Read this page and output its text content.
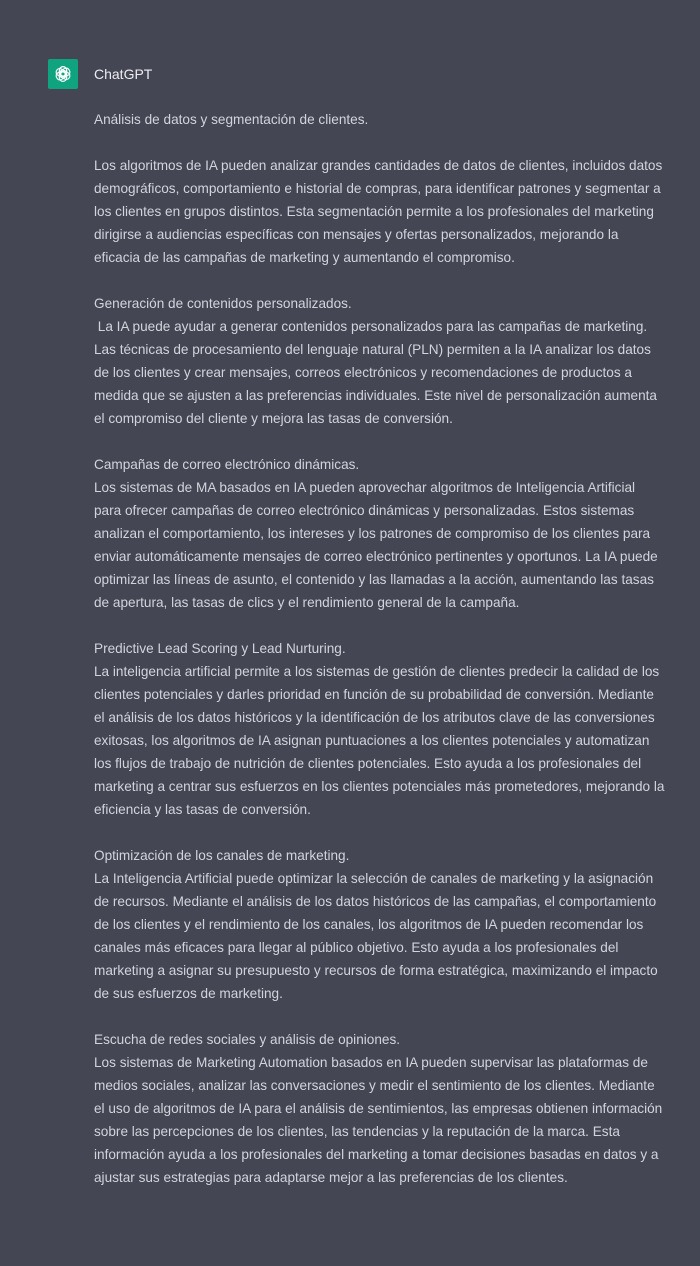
ChatGPT
Análisis de datos y segmentación de clientes.
Los algoritmos de IA pueden analizar grandes cantidades de datos de clientes, incluidos datos demográficos, comportamiento e historial de compras, para identificar patrones y segmentar a los clientes en grupos distintos. Esta segmentación permite a los profesionales del marketing dirigirse a audiencias específicas con mensajes y ofertas personalizados, mejorando la eficacia de las campañas de marketing y aumentando el compromiso.
Generación de contenidos personalizados.
La IA puede ayudar a generar contenidos personalizados para las campañas de marketing. Las técnicas de procesamiento del lenguaje natural (PLN) permiten a la IA analizar los datos de los clientes y crear mensajes, correos electrónicos y recomendaciones de productos a medida que se ajusten a las preferencias individuales. Este nivel de personalización aumenta el compromiso del cliente y mejora las tasas de conversión.
Campañas de correo electrónico dinámicas.
Los sistemas de MA basados en IA pueden aprovechar algoritmos de Inteligencia Artificial para ofrecer campañas de correo electrónico dinámicas y personalizadas. Estos sistemas analizan el comportamiento, los intereses y los patrones de compromiso de los clientes para enviar automáticamente mensajes de correo electrónico pertinentes y oportunos. La IA puede optimizar las líneas de asunto, el contenido y las llamadas a la acción, aumentando las tasas de apertura, las tasas de clics y el rendimiento general de la campaña.
Predictive Lead Scoring y Lead Nurturing.
La inteligencia artificial permite a los sistemas de gestión de clientes predecir la calidad de los clientes potenciales y darles prioridad en función de su probabilidad de conversión. Mediante el análisis de los datos históricos y la identificación de los atributos clave de las conversiones exitosas, los algoritmos de IA asignan puntuaciones a los clientes potenciales y automatizan los flujos de trabajo de nutrición de clientes potenciales. Esto ayuda a los profesionales del marketing a centrar sus esfuerzos en los clientes potenciales más prometedores, mejorando la eficiencia y las tasas de conversión.
Optimización de los canales de marketing.
La Inteligencia Artificial puede optimizar la selección de canales de marketing y la asignación de recursos. Mediante el análisis de los datos históricos de las campañas, el comportamiento de los clientes y el rendimiento de los canales, los algoritmos de IA pueden recomendar los canales más eficaces para llegar al público objetivo. Esto ayuda a los profesionales del marketing a asignar su presupuesto y recursos de forma estratégica, maximizando el impacto de sus esfuerzos de marketing.
Escucha de redes sociales y análisis de opiniones.
Los sistemas de Marketing Automation basados en IA pueden supervisar las plataformas de medios sociales, analizar las conversaciones y medir el sentimiento de los clientes. Mediante el uso de algoritmos de IA para el análisis de sentimientos, las empresas obtienen información sobre las percepciones de los clientes, las tendencias y la reputación de la marca. Esta información ayuda a los profesionales del marketing a tomar decisiones basadas en datos y a ajustar sus estrategias para adaptarse mejor a las preferencias de los clientes.
